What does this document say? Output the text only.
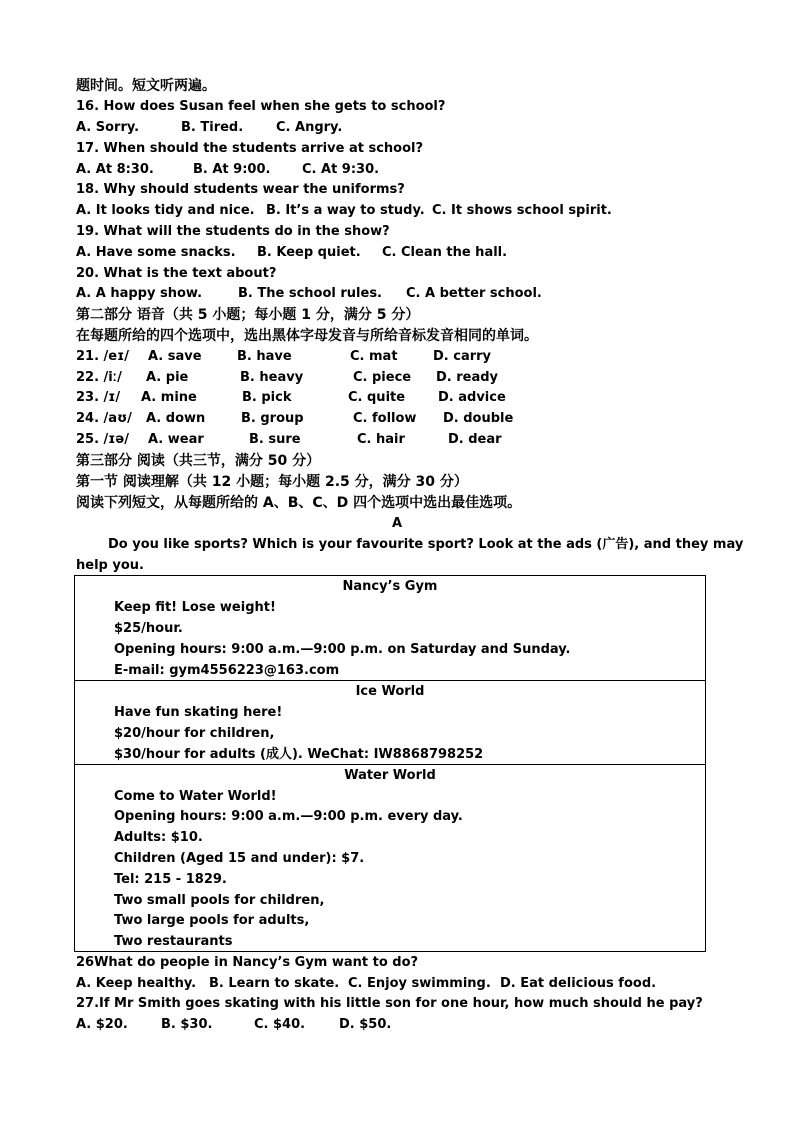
题时间。短文听两遍。
16. How does Susan feel when she gets to school?
A. Sorry.	B. Tired.	C. Angry.
17. When should the students arrive at school?
A. At 8:30.	B. At 9:00. C. At 9:30.
18. Why should students wear the uniforms?
A. It looks tidy and nice. B. It’s a way to study. C. It shows school spirit.
19. What will the students do in the show?
A. Have some snacks. B. Keep quiet. C. Clean the hall.
20. What is the text about?
A. A happy show.	B. The school rules. C. A better school.
第二部分 语音（共 5 小题；每小题 1 分，满分 5 分）
在每题所给的四个选项中，选出黑体字母发音与所给音标发音相同的单词。
21. /eɪ/ A. save	B. have	C. mat	D. carry
22. /iː/ A. pie	B. heavy	C. piece D. ready
23. /ɪ/ A. mine	B. pick	C. quite	D. advice
24. /aʊ/ A. down	B. group	C. follow D. double
25. /ɪə/ A. wear	B. sure	C. hair	D. dear
第三部分 阅读（共三节，满分 50 分）
第一节 阅读理解（共 12 小题；每小题 2.5 分，满分 30 分）
阅读下列短文，从每题所给的 A、B、C、D 四个选项中选出最佳选项。
A
Do you like sports? Which is your favourite sport? Look at the ads (广告), and they may
help you.
Nancy’s Gym
Keep fit! Lose weight!
$25/hour.
Opening hours: 9:00 a.m.—9:00 p.m. on Saturday and Sunday.
E-mail: gym4556223@163.com
Ice World
Have fun skating here!
$20/hour for children,
$30/hour for adults (成人). WeChat: IW8868798252
Water World
Come to Water World!
Opening hours: 9:00 a.m.—9:00 p.m. every day.
Adults: $10.
Children (Aged 15 and under): $7.
Tel: 215 - 1829.
Two small pools for children,
Two large pools for adults,
Two restaurants
26What do people in Nancy’s Gym want to do?
A. Keep healthy. B. Learn to skate. C. Enjoy swimming. D. Eat delicious food.
27.If Mr Smith goes skating with his little son for one hour, how much should he pay?
A. $20.	B. $30.	C. $40.	D. $50.
